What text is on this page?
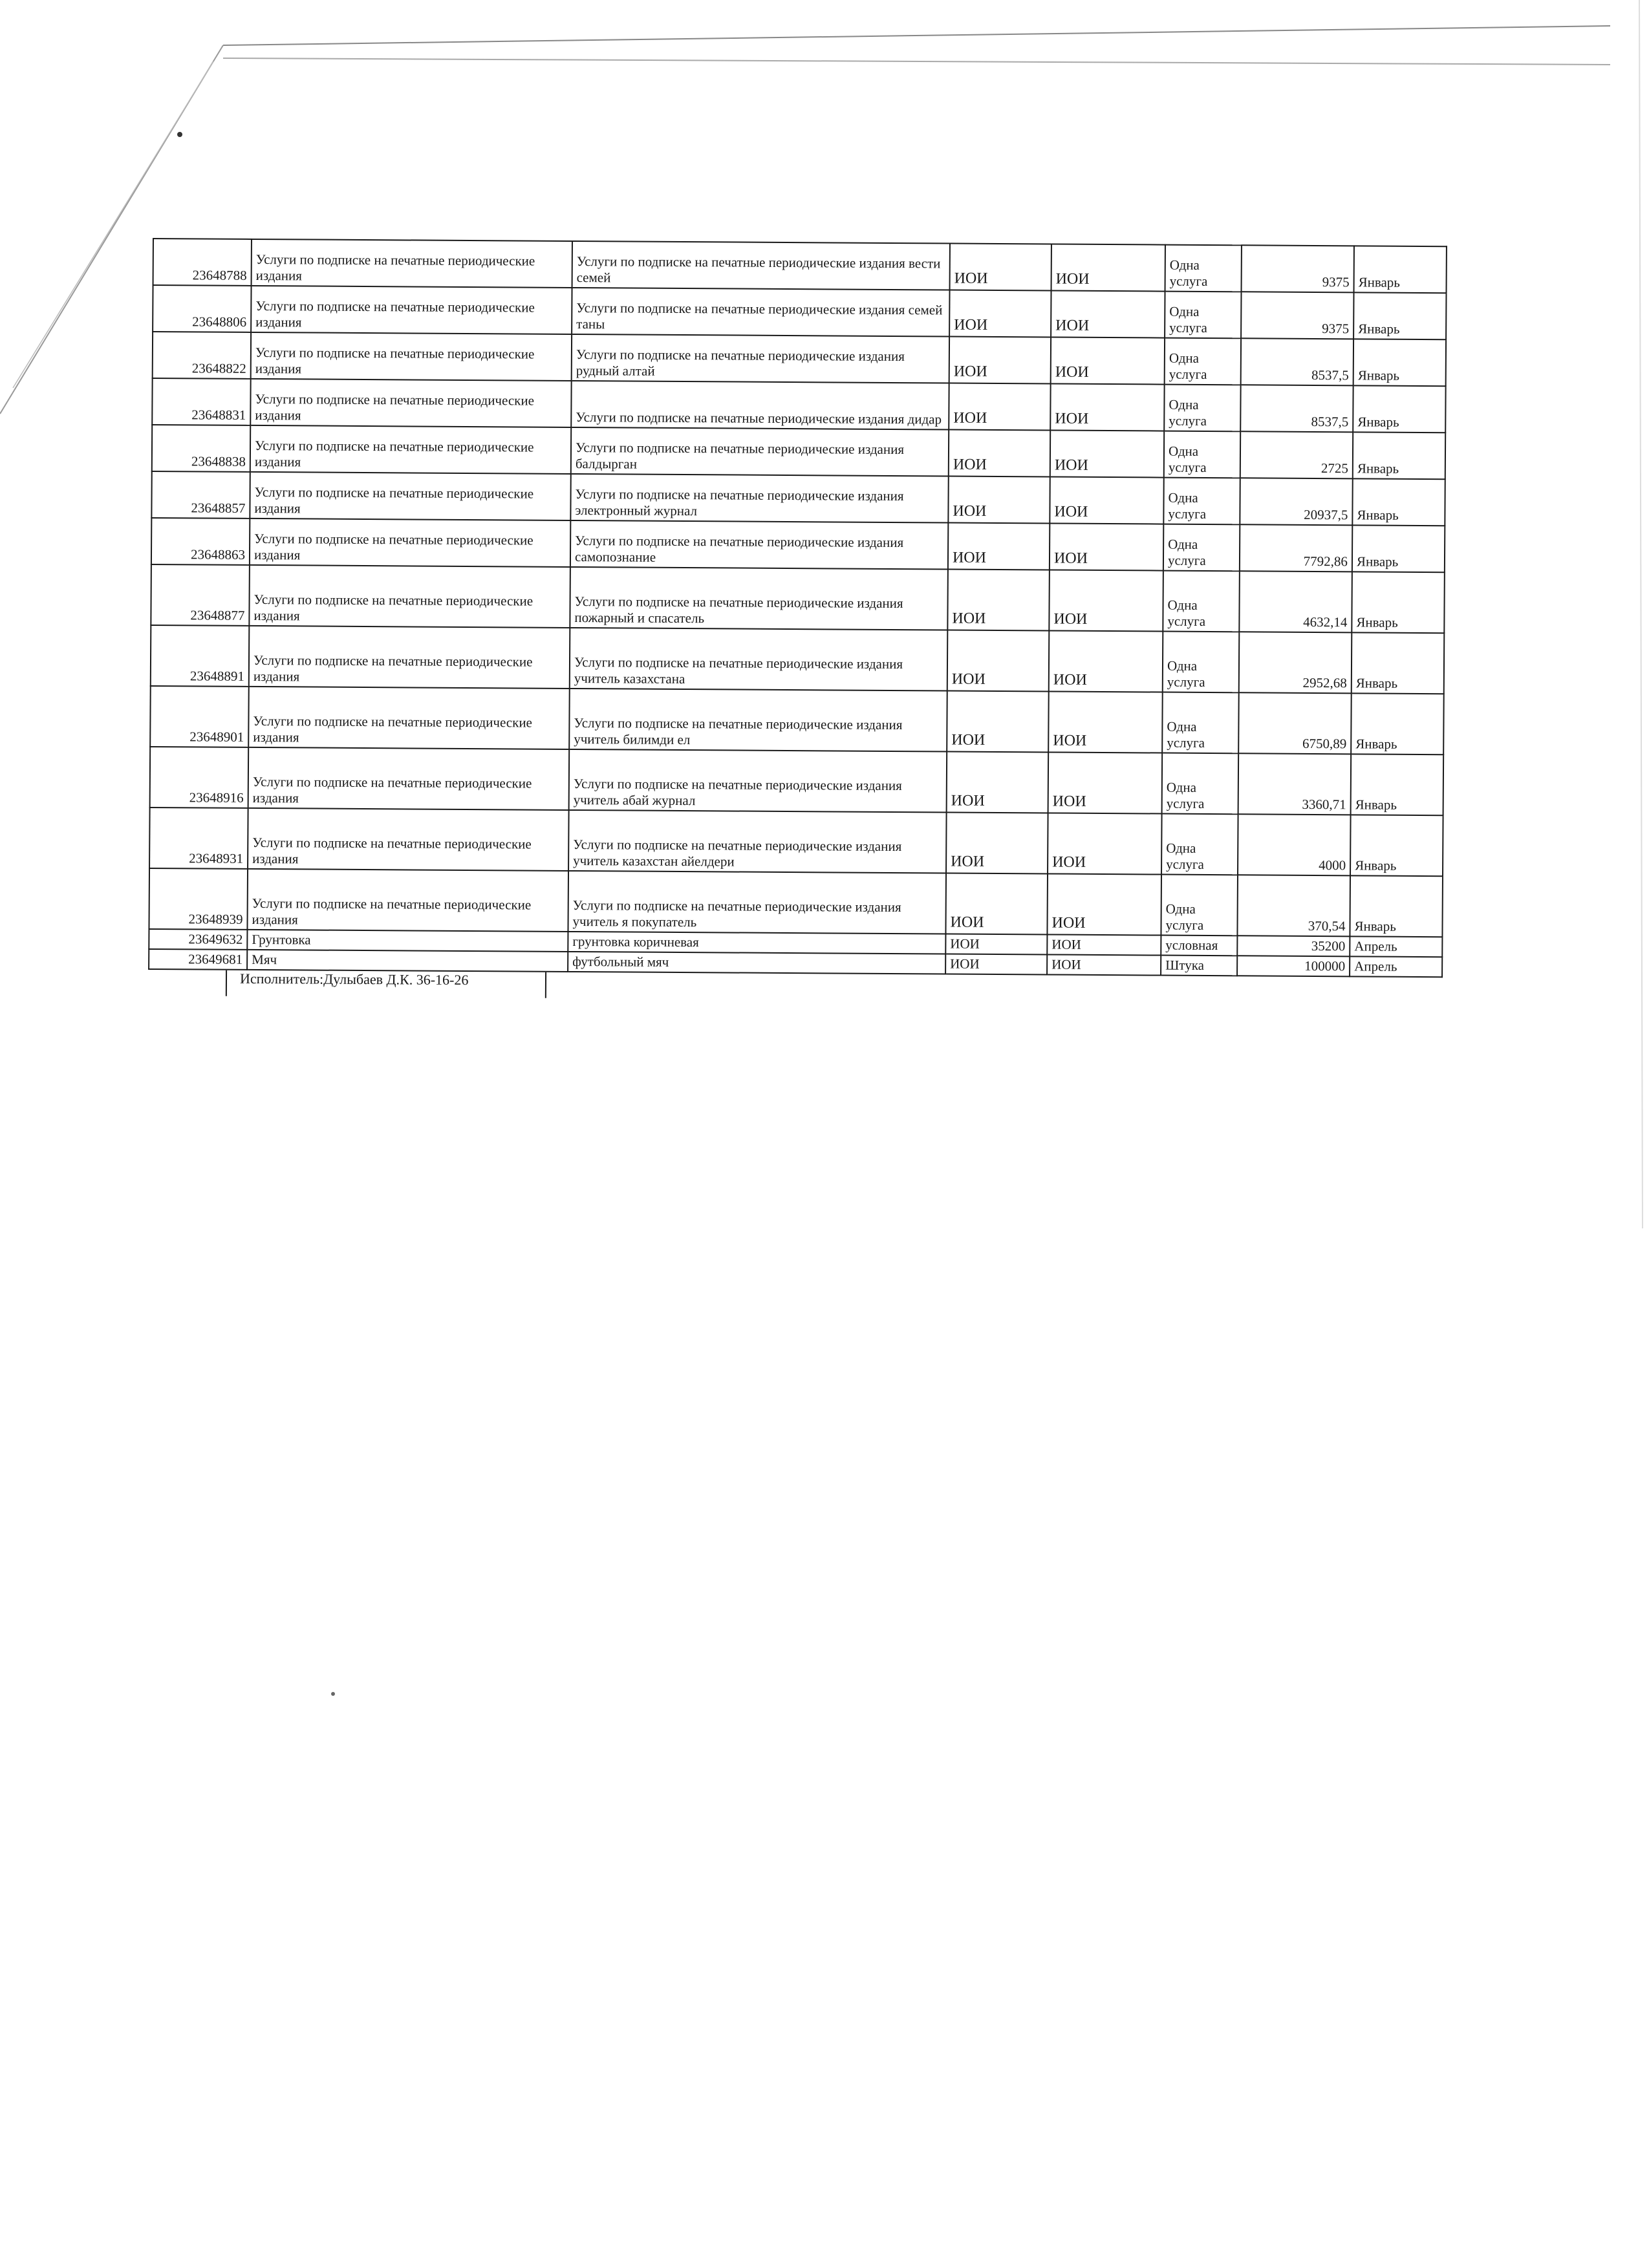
23648788	Услуги по подписке на печатные периодические издания	Услуги по подписке на печатные периодические издания вести семей	ИОИ	ИОИ	Одна услуга	9375	Январь
23648806	Услуги по подписке на печатные периодические издания	Услуги по подписке на печатные периодические издания семей таны	ИОИ	ИОИ	Одна услуга	9375	Январь
23648822	Услуги по подписке на печатные периодические издания	Услуги по подписке на печатные периодические издания рудный алтай	ИОИ	ИОИ	Одна услуга	8537,5	Январь
23648831	Услуги по подписке на печатные периодические издания	Услуги по подписке на печатные периодические издания дидар	ИОИ	ИОИ	Одна услуга	8537,5	Январь
23648838	Услуги по подписке на печатные периодические издания	Услуги по подписке на печатные периодические издания балдырган	ИОИ	ИОИ	Одна услуга	2725	Январь
23648857	Услуги по подписке на печатные периодические издания	Услуги по подписке на печатные периодические издания электронный журнал	ИОИ	ИОИ	Одна услуга	20937,5	Январь
23648863	Услуги по подписке на печатные периодические издания	Услуги по подписке на печатные периодические издания самопознание	ИОИ	ИОИ	Одна услуга	7792,86	Январь
23648877	Услуги по подписке на печатные периодические издания	Услуги по подписке на печатные периодические издания пожарный и спасатель	ИОИ	ИОИ	Одна услуга	4632,14	Январь
23648891	Услуги по подписке на печатные периодические издания	Услуги по подписке на печатные периодические издания учитель казахстана	ИОИ	ИОИ	Одна услуга	2952,68	Январь
23648901	Услуги по подписке на печатные периодические издания	Услуги по подписке на печатные периодические издания учитель билимди ел	ИОИ	ИОИ	Одна услуга	6750,89	Январь
23648916	Услуги по подписке на печатные периодические издания	Услуги по подписке на печатные периодические издания учитель абай журнал	ИОИ	ИОИ	Одна услуга	3360,71	Январь
23648931	Услуги по подписке на печатные периодические издания	Услуги по подписке на печатные периодические издания учитель казахстан айелдери	ИОИ	ИОИ	Одна услуга	4000	Январь
23648939	Услуги по подписке на печатные периодические издания	Услуги по подписке на печатные периодические издания учитель я покупатель	ИОИ	ИОИ	Одна услуга	370,54	Январь
23649632	Грунтовка	грунтовка коричневая	ИОИ	ИОИ	условная	35200	Апрель
23649681	Мяч	футбольный мяч	ИОИ	ИОИ	Штука	100000	Апрель
Исполнитель:Дулыбаев Д.К. 36-16-26
